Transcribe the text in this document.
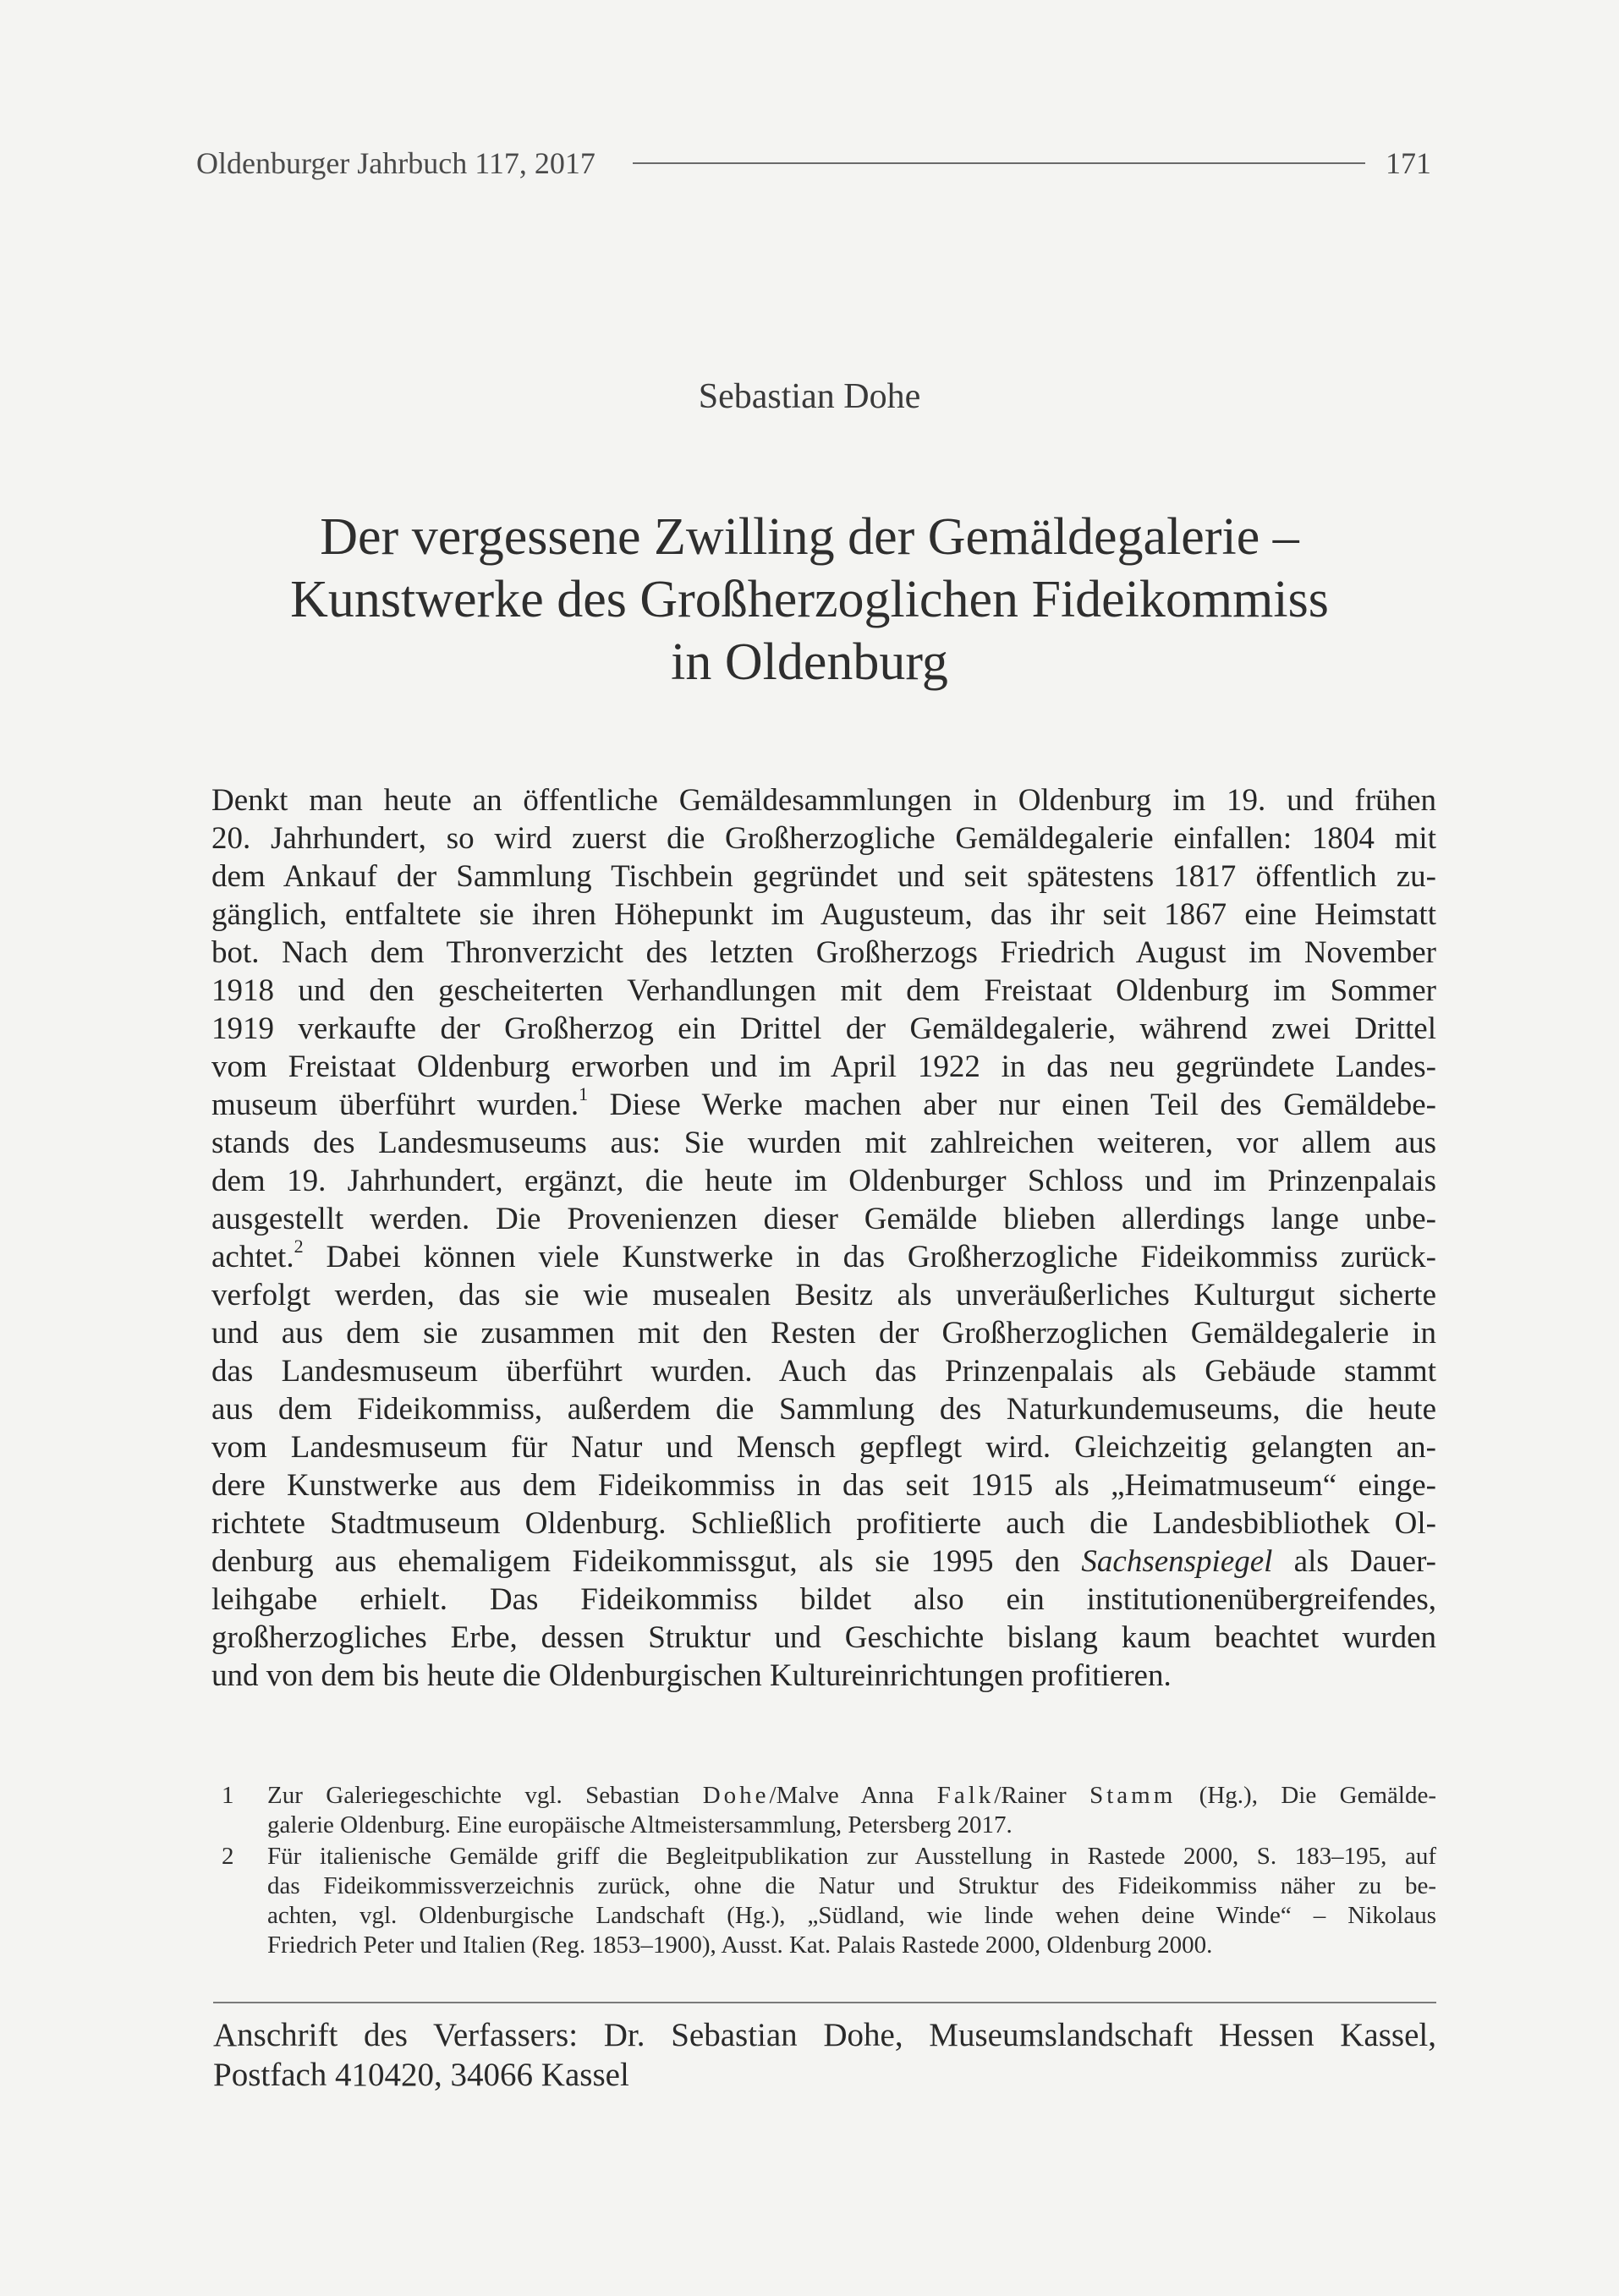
Oldenburger Jahrbuch 117, 2017	171
Sebastian Dohe
Der vergessene Zwilling der Gemäldegalerie –
Kunstwerke des Großherzoglichen Fideikommiss
in Oldenburg
Denkt man heute an öffentliche Gemäldesammlungen in Oldenburg im 19. und frühen
20. Jahrhundert, so wird zuerst die Großherzogliche Gemäldegalerie einfallen: 1804 mit
dem Ankauf der Sammlung Tischbein gegründet und seit spätestens 1817 öffentlich zu-
gänglich, entfaltete sie ihren Höhepunkt im Augusteum, das ihr seit 1867 eine Heimstatt
bot. Nach dem Thronverzicht des letzten Großherzogs Friedrich August im November
1918 und den gescheiterten Verhandlungen mit dem Freistaat Oldenburg im Sommer
1919 verkaufte der Großherzog ein Drittel der Gemäldegalerie, während zwei Drittel
vom Freistaat Oldenburg erworben und im April 1922 in das neu gegründete Landes-
museum überführt wurden.$^1$ Diese Werke machen aber nur einen Teil des Gemäldebe-
stands des Landesmuseums aus: Sie wurden mit zahlreichen weiteren, vor allem aus
dem 19. Jahrhundert, ergänzt, die heute im Oldenburger Schloss und im Prinzenpalais
ausgestellt werden. Die Provenienzen dieser Gemälde blieben allerdings lange unbe-
achtet.$^2$ Dabei können viele Kunstwerke in das Großherzogliche Fideikommiss zurück-
verfolgt werden, das sie wie musealen Besitz als unveräußerliches Kulturgut sicherte
und aus dem sie zusammen mit den Resten der Großherzoglichen Gemäldegalerie in
das Landesmuseum überführt wurden. Auch das Prinzenpalais als Gebäude stammt
aus dem Fideikommiss, außerdem die Sammlung des Naturkundemuseums, die heute
vom Landesmuseum für Natur und Mensch gepflegt wird. Gleichzeitig gelangten an-
dere Kunstwerke aus dem Fideikommiss in das seit 1915 als „Heimatmuseum“ einge-
richtete Stadtmuseum Oldenburg. Schließlich profitierte auch die Landesbibliothek Ol-
denburg aus ehemaligem Fideikommissgut, als sie 1995 den Sachsenspiegel als Dauer-
leihgabe erhielt. Das Fideikommiss bildet also ein institutionenübergreifendes,
großherzogliches Erbe, dessen Struktur und Geschichte bislang kaum beachtet wurden
und von dem bis heute die Oldenburgischen Kultureinrichtungen profitieren.
1	Zur Galeriegeschichte vgl. Sebastian Dohe/Malve Anna Falk/Rainer Stamm (Hg.), Die Gemälde-
galerie Oldenburg. Eine europäische Altmeistersammlung, Petersberg 2017.
2	Für italienische Gemälde griff die Begleitpublikation zur Ausstellung in Rastede 2000, S. 183–195, auf
das Fideikommissverzeichnis zurück, ohne die Natur und Struktur des Fideikommiss näher zu be-
achten, vgl. Oldenburgische Landschaft (Hg.), „Südland, wie linde wehen deine Winde“ – Nikolaus
Friedrich Peter und Italien (Reg. 1853–1900), Ausst. Kat. Palais Rastede 2000, Oldenburg 2000.
Anschrift des Verfassers: Dr. Sebastian Dohe, Museumslandschaft Hessen Kassel,
Postfach 410420, 34066 Kassel
